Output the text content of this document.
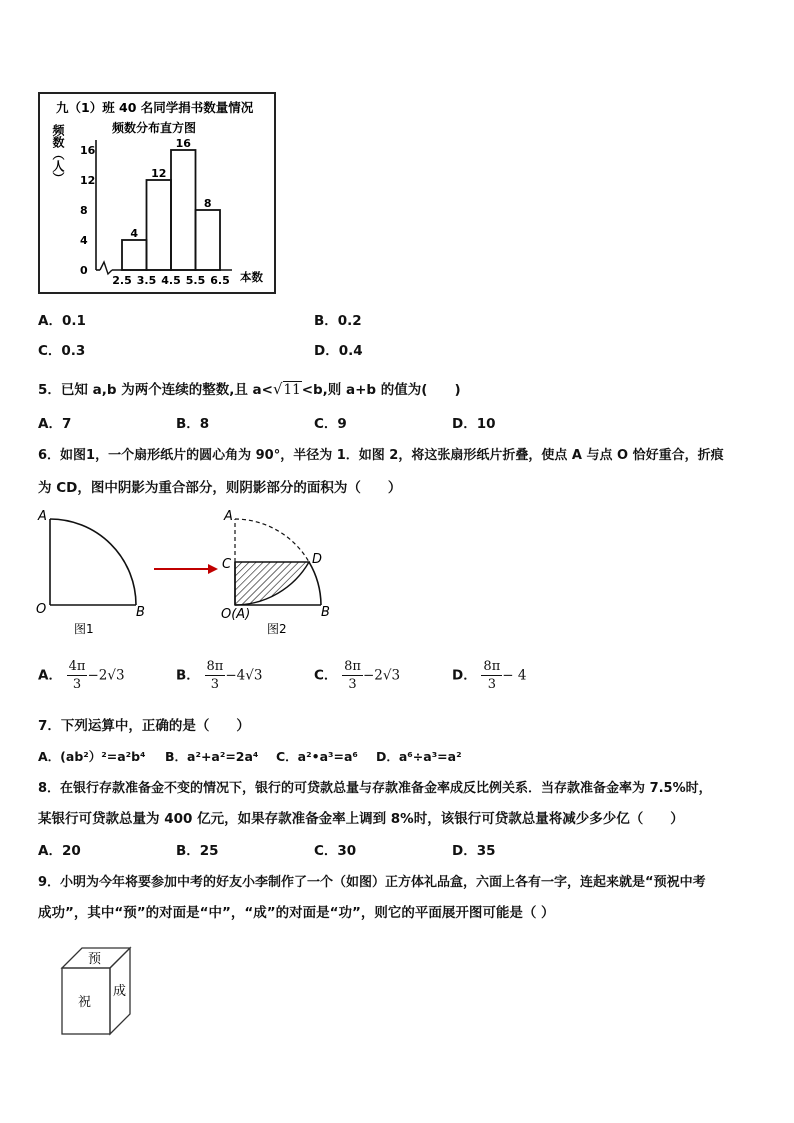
九（1）班 40 名同学捐书数量情况
频数分布直方图
频数（人）
本数
0
4
8
12
16
4
12
16
8
2.5 3.5 4.5 5.5 6.5
A．0.1	B．0.2
C．0.3	D．0.4
5．已知 a,b 为两个连续的整数,且 a<√11<b,则 a+b 的值为(　　)
A．7	B．8	C．9	D．10
6．如图1，一个扇形纸片的圆心角为 90°，半径为 1．如图 2，将这张扇形纸片折叠，使点 A 与点 O 恰好重合，折痕
为 CD，图中阴影为重合部分，则阴影部分的面积为（　　）
A
O	B
图1
A
C	D
O(A)	B
图2
A． $\frac{4\pi}{3} -2√3$	B． $\frac{8\pi}{3} -4√3$	C． $\frac{8\pi}{3} -2√3$	D． $\frac{8\pi}{3} - 4$
7．下列运算中，正确的是（　　）
A．(ab²）²=a²b⁴ B．a²+a²=2a⁴ C．a²•a³=a⁶ D．a⁶÷a³=a²
8．在银行存款准备金不变的情况下，银行的可贷款总量与存款准备金率成反比例关系．当存款准备金率为 7.5%时，
某银行可贷款总量为 400 亿元，如果存款准备金率上调到 8%时，该银行可贷款总量将减少多少亿（　　）
A．20	B．25	C．30	D．35
9．小明为今年将要参加中考的好友小李制作了一个（如图）正方体礼品盒，六面上各有一字，连起来就是“预祝中考
成功”，其中“预”的对面是“中”，“成”的对面是“功”，则它的平面展开图可能是（ ）
预
祝
成
